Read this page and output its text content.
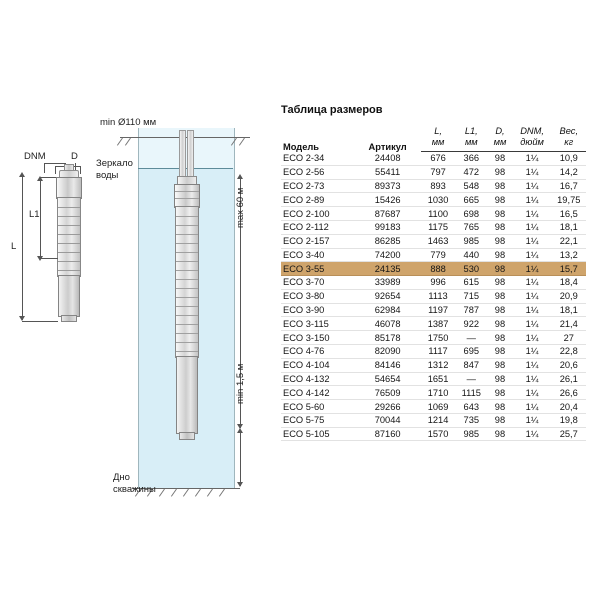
min Ø110 мм
DNM	D
L1
L
Зеркало
воды
Дно
скважины
max 60 м
min 1,5 м
Таблица размеров
Модель	Артикул	L,	L1,	D,	DNM,	Вес,
		мм	мм	мм	дюйм	кг
ECO 2-34	24408	676	366	98	1¼	10,9
ECO 2-56	55411	797	472	98	1¼	14,2
ECO 2-73	89373	893	548	98	1¼	16,7
ECO 2-89	15426	1030	665	98	1¼	19,75
ECO 2-100	87687	1100	698	98	1¼	16,5
ECO 2-112	99183	1175	765	98	1¼	18,1
ECO 2-157	86285	1463	985	98	1¼	22,1
ECO 3-40	74200	779	440	98	1¼	13,2
ECO 3-55	24135	888	530	98	1¼	15,7
ECO 3-70	33989	996	615	98	1¼	18,4
ECO 3-80	92654	1113	715	98	1¼	20,9
ECO 3-90	62984	1197	787	98	1¼	18,1
ECO 3-115	46078	1387	922	98	1¼	21,4
ECO 3-150	85178	1750	—	98	1¼	27
ECO 4-76	82090	1117	695	98	1¼	22,8
ECO 4-104	84146	1312	847	98	1¼	20,6
ECO 4-132	54654	1651	—	98	1¼	26,1
ECO 4-142	76509	1710	1115	98	1¼	26,6
ECO 5-60	29266	1069	643	98	1¼	20,4
ECO 5-75	70044	1214	735	98	1¼	19,8
ECO 5-105	87160	1570	985	98	1¼	25,7
